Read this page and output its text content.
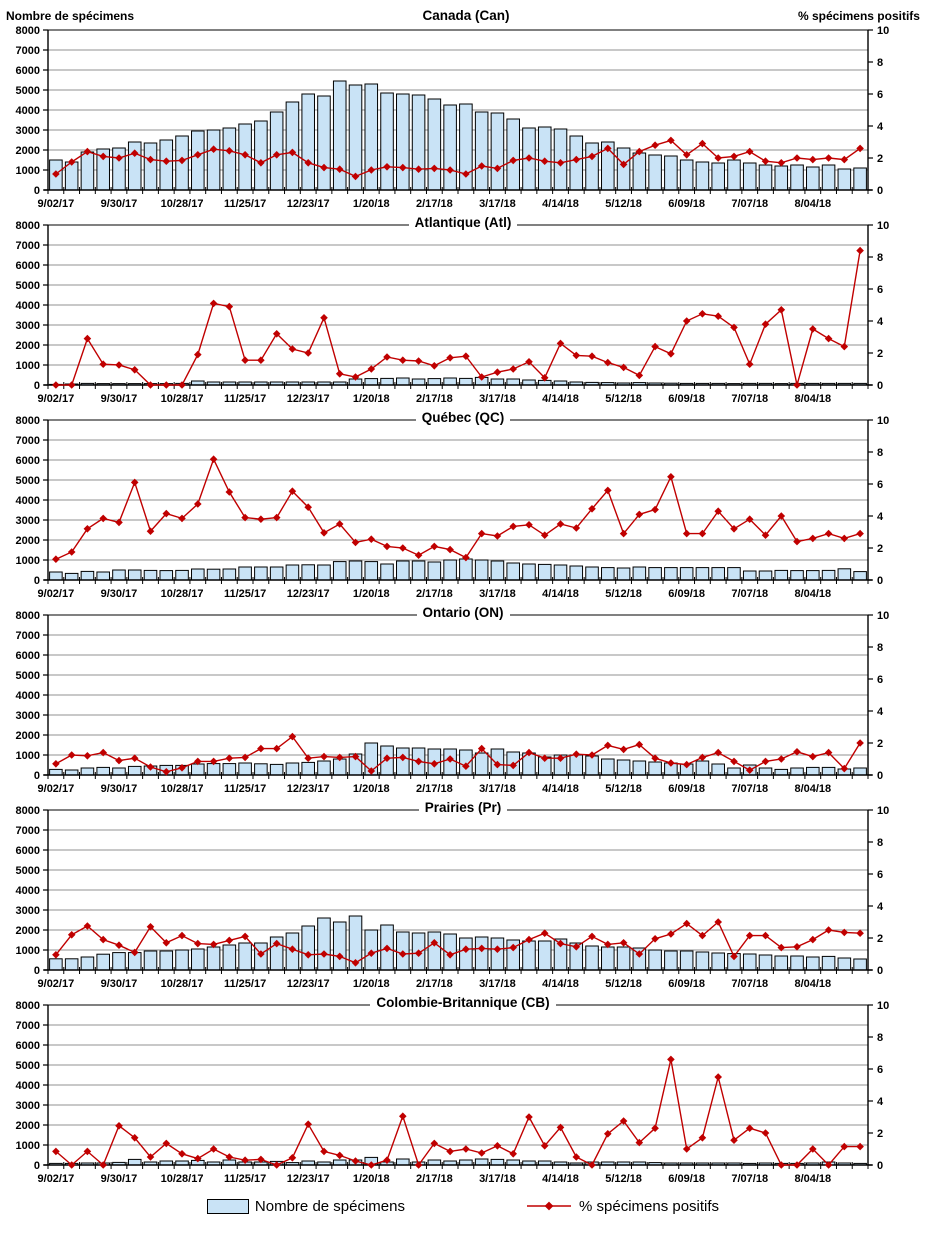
Nombre de spécimens	Canada (Can)	% spécimens positifs
0
1000
2000
3000
4000
5000
6000
7000
8000
0
2
4
6
8
10
9/02/17 9/30/17 10/28/17 11/25/17 12/23/17 1/20/18 2/17/18 3/17/18 4/14/18 5/12/18 6/09/18 7/07/18 8/04/18
Atlantique (Atl)
0
1000
2000
3000
4000
5000
6000
7000
8000
0
2
4
6
8
10
9/02/17 9/30/17 10/28/17 11/25/17 12/23/17 1/20/18 2/17/18 3/17/18 4/14/18 5/12/18 6/09/18 7/07/18 8/04/18
Québec (QC)
0
1000
2000
3000
4000
5000
6000
7000
8000
0
2
4
6
8
10
9/02/17 9/30/17 10/28/17 11/25/17 12/23/17 1/20/18 2/17/18 3/17/18 4/14/18 5/12/18 6/09/18 7/07/18 8/04/18
Ontario (ON)
0
1000
2000
3000
4000
5000
6000
7000
8000
0
2
4
6
8
10
9/02/17 9/30/17 10/28/17 11/25/17 12/23/17 1/20/18 2/17/18 3/17/18 4/14/18 5/12/18 6/09/18 7/07/18 8/04/18
Prairies (Pr)
0
1000
2000
3000
4000
5000
6000
7000
8000
0
2
4
6
8
10
9/02/17 9/30/17 10/28/17 11/25/17 12/23/17 1/20/18 2/17/18 3/17/18 4/14/18 5/12/18 6/09/18 7/07/18 8/04/18
Colombie-Britannique (CB)
0
1000
2000
3000
4000
5000
6000
7000
8000
0
2
4
6
8
10
9/02/17 9/30/17 10/28/17 11/25/17 12/23/17 1/20/18 2/17/18 3/17/18 4/14/18 5/12/18 6/09/18 7/07/18 8/04/18
Nombre de spécimens	% spécimens positifs
